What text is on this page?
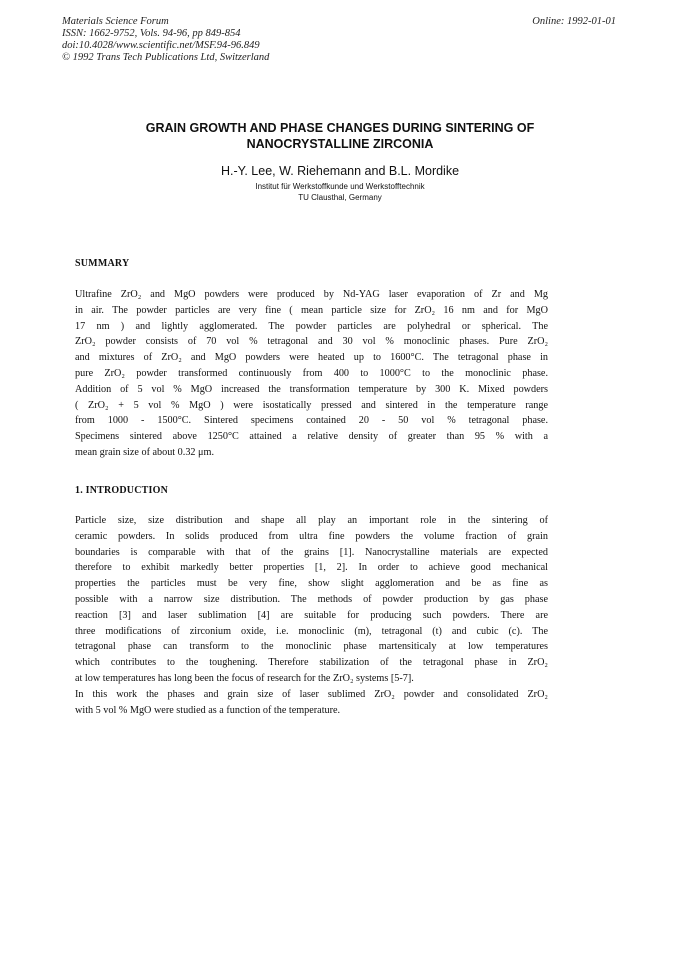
Materials Science Forum
ISSN: 1662-9752, Vols. 94-96, pp 849-854
doi:10.4028/www.scientific.net/MSF.94-96.849
© 1992 Trans Tech Publications Ltd, Switzerland
Online: 1992-01-01
GRAIN GROWTH AND PHASE CHANGES DURING SINTERING OF
NANOCRYSTALLINE ZIRCONIA
H.-Y. Lee, W. Riehemann and B.L. Mordike
Institut für Werkstoffkunde und Werkstofftechnik
TU Clausthal, Germany
SUMMARY
Ultrafine ZrO₂ and MgO powders were produced by Nd-YAG laser evaporation of Zr and Mg
in air. The powder particles are very fine ( mean particle size for ZrO₂ 16 nm and for MgO
17 nm ) and lightly agglomerated. The powder particles are polyhedral or spherical. The
ZrO₂ powder consists of 70 vol % tetragonal and 30 vol % monoclinic phases. Pure ZrO₂
and mixtures of ZrO₂ and MgO powders were heated up to 1600°C. The tetragonal phase in
pure ZrO₂ powder transformed continuously from 400 to 1000°C to the monoclinic phase.
Addition of 5 vol % MgO increased the transformation temperature by 300 K. Mixed powders
( ZrO₂ + 5 vol % MgO ) were isostatically pressed and sintered in the temperature range
from 1000 - 1500°C. Sintered specimens contained 20 - 50 vol % tetragonal phase.
Specimens sintered above 1250°C attained a relative density of greater than 95 % with a
mean grain size of about 0.32 μm.
1. INTRODUCTION
Particle size, size distribution and shape all play an important role in the sintering of
ceramic powders. In solids produced from ultra fine powders the volume fraction of grain
boundaries is comparable with that of the grains [1]. Nanocrystalline materials are expected
therefore to exhibit markedly better properties [1, 2]. In order to achieve good mechanical
properties the particles must be very fine, show slight agglomeration and be as fine as
possible with a narrow size distribution. The methods of powder production by gas phase
reaction [3] and laser sublimation [4] are suitable for producing such powders. There are
three modifications of zirconium oxide, i.e. monoclinic (m), tetragonal (t) and cubic (c). The
tetragonal phase can transform to the monoclinic phase martensiticaly at low temperatures
which contributes to the toughening. Therefore stabilization of the tetragonal phase in ZrO₂
at low temperatures has long been the focus of research for the ZrO₂ systems [5-7].
In this work the phases and grain size of laser sublimed ZrO₂ powder and consolidated ZrO₂
with 5 vol % MgO were studied as a function of the temperature.
